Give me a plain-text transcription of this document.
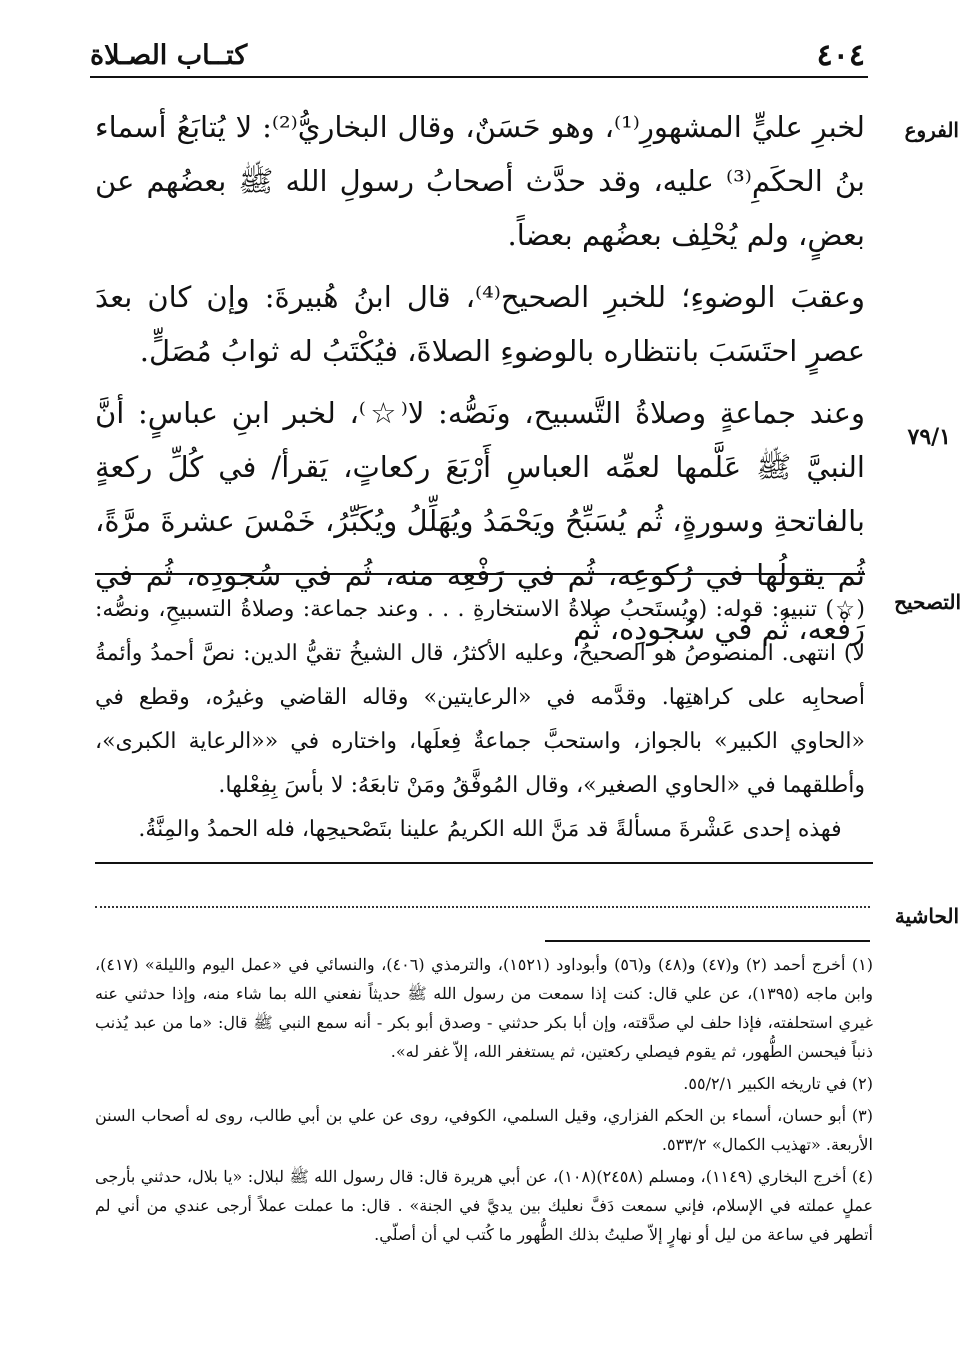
٤٠٤
كتــاب الصـلاة
الفروع
٧٩/١
التصحيح
الحاشية

لخبرِ عليٍّ المشهورِ⁽¹⁾، وهو حَسَنٌ، وقال البخاريُّ⁽²⁾: لا يُتابَعُ أسماء بنُ الحكَمِ⁽³⁾ عليه، وقد حدَّث أصحابُ رسولِ الله ﷺ بعضُهم عن بعضٍ، ولم يُحْلِف بعضُهم بعضاً.

وعقبَ الوضوءِ؛ للخبرِ الصحيح⁽⁴⁾، قال ابنُ هُبيرةَ: وإن كان بعدَ عصرٍ احتَسَبَ بانتظاره بالوضوءِ الصلاةَ، فيُكْتَبُ له ثوابُ مُصَلٍّ.

وعند جماعةٍ وصلاةُ التَّسبيح، ونَصُّه: لا⁽☆⁾، لخبر ابنِ عباسٍ: أنَّ النبيَّ ﷺ عَلَّمها لعمِّه العباسِ أَرْبَعَ ركعاتٍ، يَقرأ/ في كُلِّ ركعةٍ بالفاتحةِ وسورةٍ، ثُم يُسَبِّحُ ويَحْمَدُ ويُهَلِّلُ ويُكَبِّرُ، خَمْسَ عشرةَ مرَّةً، ثُم يقولُها في رُكوعِه، ثُم في رَفْعِه منه، ثُم في سُجودِه، ثُم في رَفْعه، ثُم في سُجودِه، ثُم

(☆) تنبيه: قوله: (ويُستَحبُ صلاةُ الاستخارةِ . . . وعند جماعة: وصلاةُ التسبيحِ، ونصُّه: لا) انتهى. المنصوصُ هو الصحيحُ، وعليه الأكثرُ، قال الشيخُ تقيُّ الدين: نصَّ أحمدُ وأئمةُ أصحابِه على كراهتِها. وقدَّمه في «الرعايتين» وقاله القاضي وغيرُه، وقطع في «الحاوي الكبير» بالجواز، واستحبَّ جماعةٌ فِعلَها، واختاره في ««الرعاية الكبرى»، وأطلقهما في «الحاوي الصغير»، وقال المُوفَّقُ ومَنْ تابعَهُ: لا بأسَ بِفِعْلها.

فهذه إحدى عَشْرةَ مسألةً قد مَنَّ الله الكريمُ علينا بتَصْحيحِها، فله الحمدُ والمِنَّةُ.

(١) أخرج أحمد (٢) و(٤٧) و(٤٨) و(٥٦) وأبوداود (١٥٢١)، والترمذي (٤٠٦)، والنسائي في «عمل اليوم والليلة» (٤١٧)، وابن ماجه (١٣٩٥)، عن علي قال: كنت إذا سمعت من رسول الله ﷺ حديثاً نفعني الله بما شاء منه، وإذا حدثني عنه غيري استحلفته، فإذا حلف لي صدَّقته، وإن أبا بكر حدثني - وصدق أبو بكر - أنه سمع النبي ﷺ قال: «ما من عبد يُذنب ذنباً فيحسن الطُّهور، ثم يقوم فيصلي ركعتين، ثم يستغفر الله، إلاّ غفر له».

(٢) في تاريخه الكبير ٥٥/٢/١.

(٣) أبو حسان، أسماء بن الحكم الفزاري، وقيل السلمي، الكوفي، روى عن علي بن أبي طالب، روى له أصحاب السنن الأربعة. «تهذيب الكمال» ٥٣٣/٢.

(٤) أخرج البخاري (١١٤٩)، ومسلم (٢٤٥٨)(١٠٨)، عن أبي هريرة قال: قال رسول الله ﷺ لبلال: «يا بلال، حدثني بأرجى عملٍ عملته في الإسلام، فإني سمعت دَفَّ نعليك بين يديَّ في الجنة» . قال: ما عملت عملاً أرجى عندي من أني لم أتطهر في ساعة من ليل أو نهارٍ إلاّ صليتُ بذلك الطُّهور ما كُتب لي أن أصلّي.
